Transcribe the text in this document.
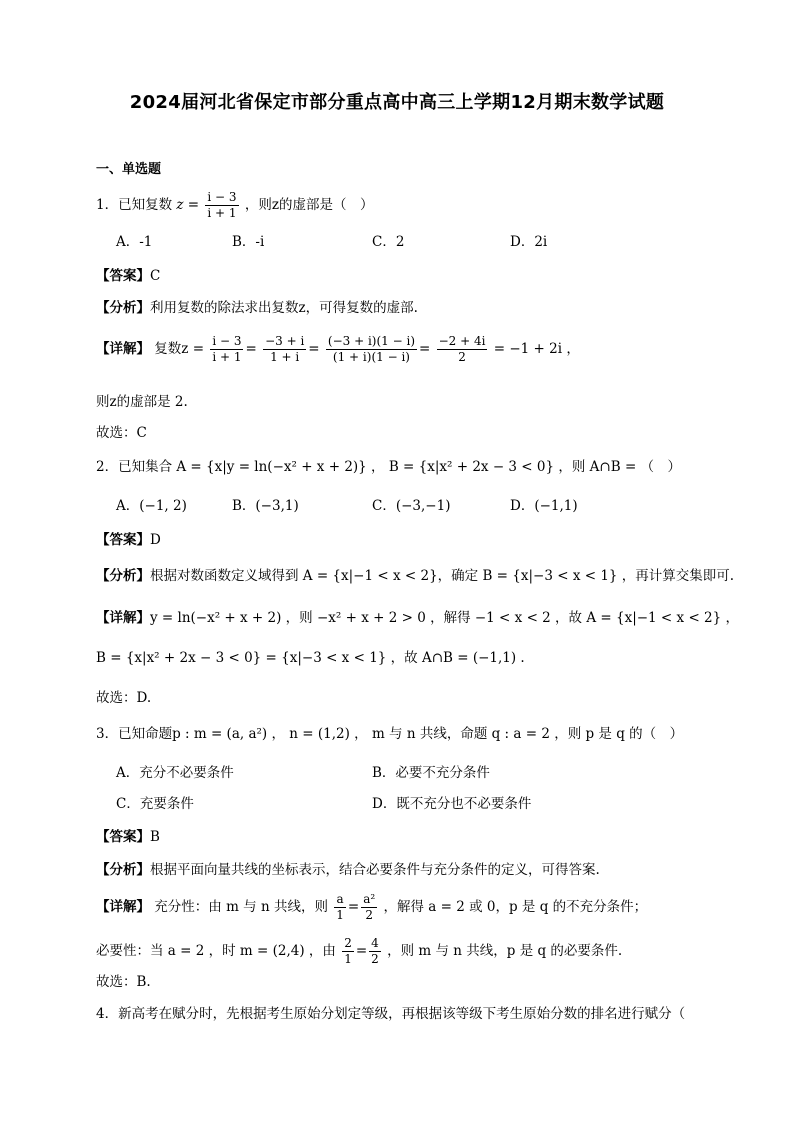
2024届河北省保定市部分重点高中高三上学期12月期末数学试题
一、单选题
1．已知复数 $z = \frac{i - 3}{i + 1}$ ，则z的虚部是（　）
A．-1	B．-i	C．2	D．2i
【答案】C
【分析】利用复数的除法求出复数z，可得复数的虚部.
【详解】 复数$z = \frac{i - 3}{i + 1} = \frac{-3 + i}{1 + i} = \frac{(-3 + i)(1 - i)}{(1 + i)(1 - i)} = \frac{-2 + 4i}{2} = -1 + 2i$ ，
则z的虚部是 2.
故选：C
2．已知集合 A = {x|y = ln(−x² + x + 2)} ， B = {x|x² + 2x − 3 < 0} ，则 A∩B = （　）
A．(−1, 2)	B．(−3,1)	C．(−3,−1)	D．(−1,1)
【答案】D
【分析】根据对数函数定义域得到 A = {x|−1 < x < 2}，确定 B = {x|−3 < x < 1} ，再计算交集即可.
【详解】y = ln(−x² + x + 2) ，则 −x² + x + 2 > 0 ，解得 −1 < x < 2 ，故 A = {x|−1 < x < 2} ，
B = {x|x² + 2x − 3 < 0} = {x|−3 < x < 1} ，故 A∩B = (−1,1) .
故选：D.
3．已知命题p : m = (a, a²) ， n = (1,2) ， m 与 n 共线，命题 q : a = 2 ，则 p 是 q 的（　）
A．充分不必要条件	B．必要不充分条件
C．充要条件	D．既不充分也不必要条件
【答案】B
【分析】根据平面向量共线的坐标表示，结合必要条件与充分条件的定义，可得答案.
【详解】 充分性：由 m 与 n 共线，则 $\frac{a}{1} = \frac{\text{a²}}{2}$ ，解得 a = 2 或 0，p 是 q 的不充分条件；
必要性：当 a = 2 ，时 m = (2,4) ，由 $\frac{2}{1} = \frac{4}{2}$ ，则 m 与 n 共线，p 是 q 的必要条件.
故选：B.
4．新高考在赋分时，先根据考生原始分划定等级，再根据该等级下考生原始分数的排名进行赋分（
